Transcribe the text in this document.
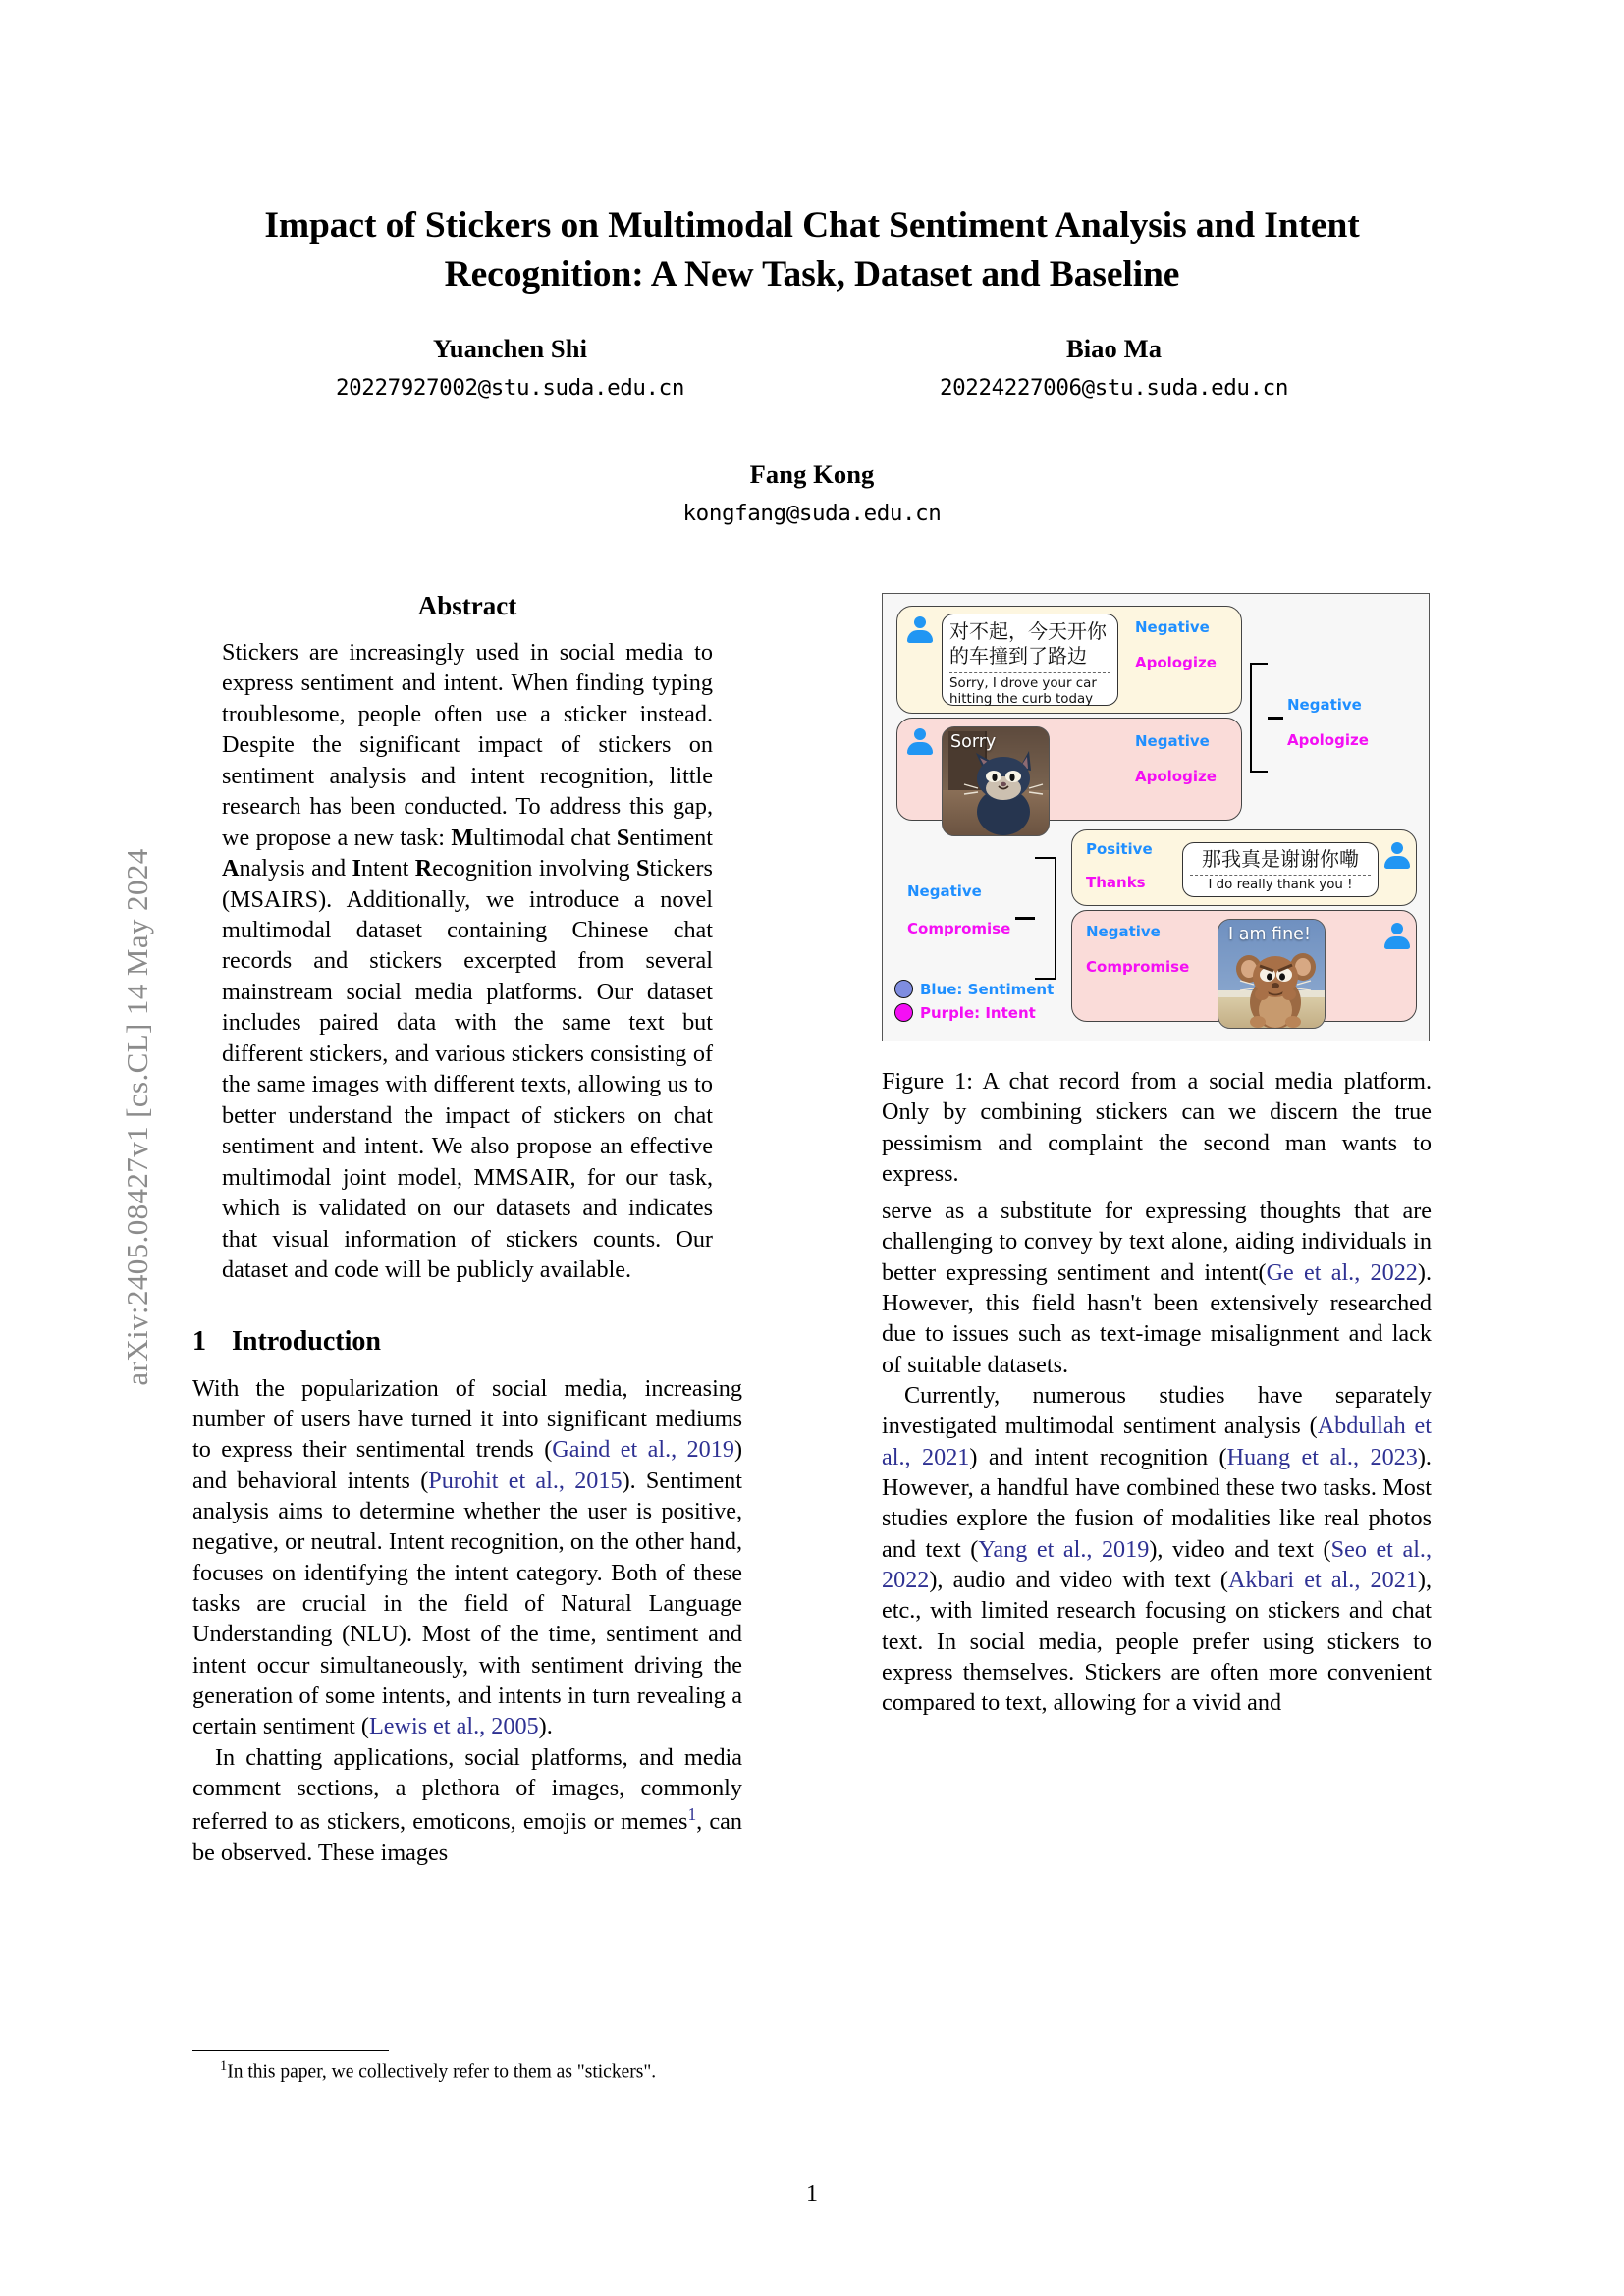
arXiv:2405.08427v1 [cs.CL] 14 May 2024
Impact of Stickers on Multimodal Chat Sentiment Analysis and Intent
Recognition: A New Task, Dataset and Baseline
Yuanchen Shi
20227927002@stu.suda.edu.cn
Biao Ma
20224227006@stu.suda.edu.cn
Fang Kong
kongfang@suda.edu.cn
Abstract
Stickers are increasingly used in social media to express sentiment and intent. When finding typing troublesome, people often use a sticker instead. Despite the significant impact of stickers on sentiment analysis and intent recognition, little research has been conducted. To address this gap, we propose a new task: Multimodal chat Sentiment Analysis and Intent Recognition involving Stickers (MSAIRS). Additionally, we introduce a novel multimodal dataset containing Chinese chat records and stickers excerpted from several mainstream social media platforms. Our dataset includes paired data with the same text but different stickers, and various stickers consisting of the same images with different texts, allowing us to better understand the impact of stickers on chat sentiment and intent. We also propose an effective multimodal joint model, MMSAIR, for our task, which is validated on our datasets and indicates that visual information of stickers counts. Our dataset and code will be publicly available.
1 Introduction

With the popularization of social media, increasing number of users have turned it into significant mediums to express their sentimental trends (Gaind et al., 2019) and behavioral intents (Purohit et al., 2015). Sentiment analysis aims to determine whether the user is positive, negative, or neutral. Intent recognition, on the other hand, focuses on identifying the intent category. Both of these tasks are crucial in the field of Natural Language Understanding (NLU). Most of the time, sentiment and intent occur simultaneously, with sentiment driving the generation of some intents, and intents in turn revealing a certain sentiment (Lewis et al., 2005).

In chatting applications, social platforms, and media comment sections, a plethora of images, commonly referred to as stickers, emoticons, emojis or memes$^1$, can be observed. These images

$^1$In this paper, we collectively refer to them as "stickers".
对不起，今天开你的车撞到了路边
Sorry, I drove your car
hitting the curb today
Negative
Apologize
Sorry	Negative
Apologize
Negative
Apologize
Positive
Thanks
那我真是谢谢你嘞
I do really thank you !
Negative
Compromise
I am fine!
Negative
Compromise
Blue: Sentiment
Purple: Intent
Figure 1: A chat record from a social media platform. Only by combining stickers can we discern the true pessimism and complaint the second man wants to express.

serve as a substitute for expressing thoughts that are challenging to convey by text alone, aiding individuals in better expressing sentiment and intent(Ge et al., 2022). However, this field hasn't been extensively researched due to issues such as text-image misalignment and lack of suitable datasets.

Currently, numerous studies have separately investigated multimodal sentiment analysis (Abdullah et al., 2021) and intent recognition (Huang et al., 2023). However, a handful have combined these two tasks. Most studies explore the fusion of modalities like real photos and text (Yang et al., 2019), video and text (Seo et al., 2022), audio and video with text (Akbari et al., 2021), etc., with limited research focusing on stickers and chat text. In social media, people prefer using stickers to express themselves. Stickers are often more convenient compared to text, allowing for a vivid and

1
